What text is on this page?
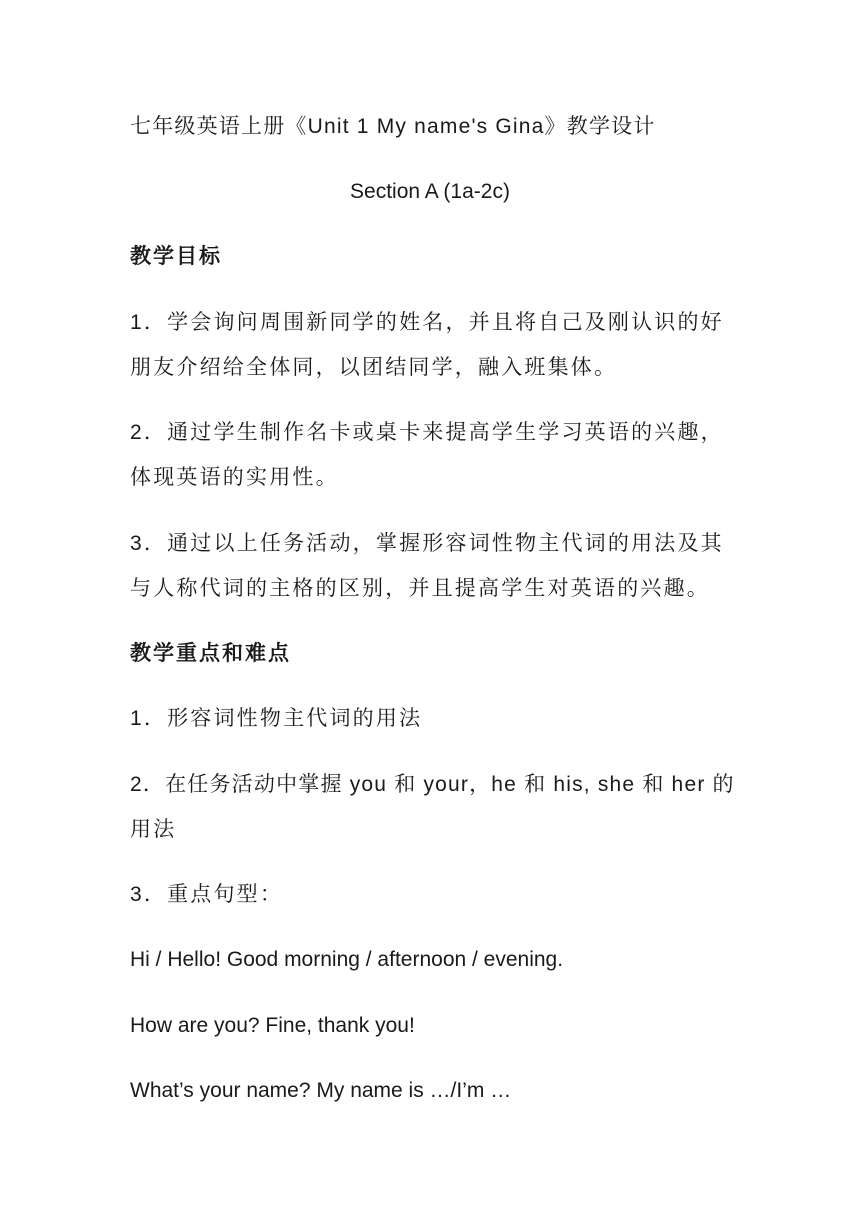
七年级英语上册《Unit 1 My name's Gina》教学设计
Section A (1a-2c)
教学目标
1．学会询问周围新同学的姓名，并且将自己及刚认识的好
朋友介绍给全体同，以团结同学，融入班集体。
2．通过学生制作名卡或桌卡来提高学生学习英语的兴趣，
体现英语的实用性。
3．通过以上任务活动，掌握形容词性物主代词的用法及其
与人称代词的主格的区别，并且提高学生对英语的兴趣。
教学重点和难点
1．形容词性物主代词的用法
2．在任务活动中掌握 you 和 your，he 和 his, she 和 her 的
用法
3．重点句型：
Hi / Hello! Good morning / afternoon / evening.
How are you? Fine, thank you!
What’s your name? My name is …/I’m …
